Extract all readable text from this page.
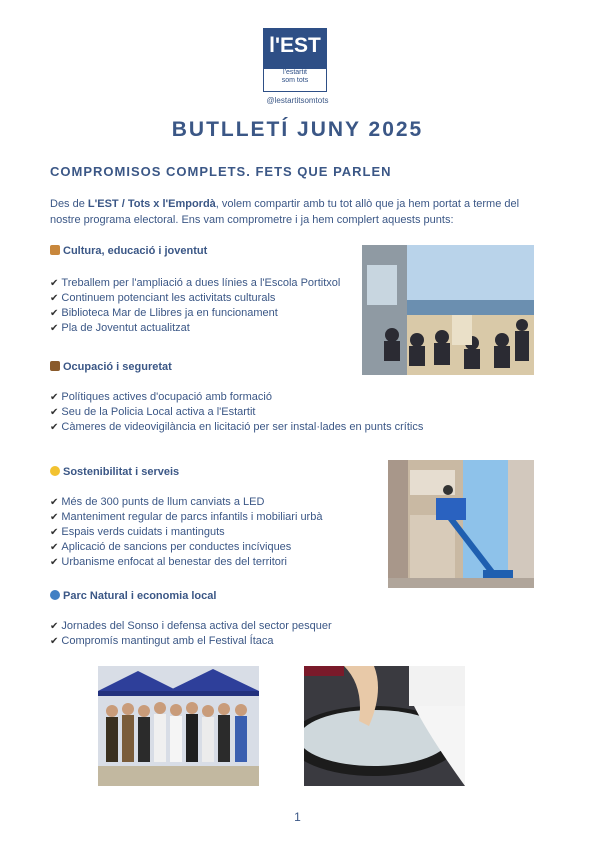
l'EST
l'estartit
som tots
@lestartitsomtots
BUTLLETÍ JUNY 2025
COMPROMISOS COMPLETS. FETS QUE PARLEN
Des de L'EST / Tots x l'Empordà, volem compartir amb tu tot allò que ja hem portat a terme del nostre programa electoral. Ens vam comprometre i ja hem complert aquests punts:
Cultura, educació i joventut
✔ Treballem per l'ampliació a dues línies a l'Escola Portitxol
✔ Continuem potenciant les activitats culturals
✔ Biblioteca Mar de Llibres ja en funcionament
✔ Pla de Joventut actualitzat
Ocupació i seguretat
✔ Polítiques actives d'ocupació amb formació
✔ Seu de la Policia Local activa a l'Estartit
✔ Càmeres de videovigilància en licitació per ser instal·lades en punts crítics
Sostenibilitat i serveis
✔ Més de 300 punts de llum canviats a LED
✔ Manteniment regular de parcs infantils i mobiliari urbà
✔ Espais verds cuidats i mantinguts
✔ Aplicació de sancions per conductes incíviques
✔ Urbanisme enfocat al benestar des del territori
Parc Natural i economia local
✔ Jornades del Sonso i defensa activa del sector pesquer
✔ Compromís mantingut amb el Festival Ítaca
1
